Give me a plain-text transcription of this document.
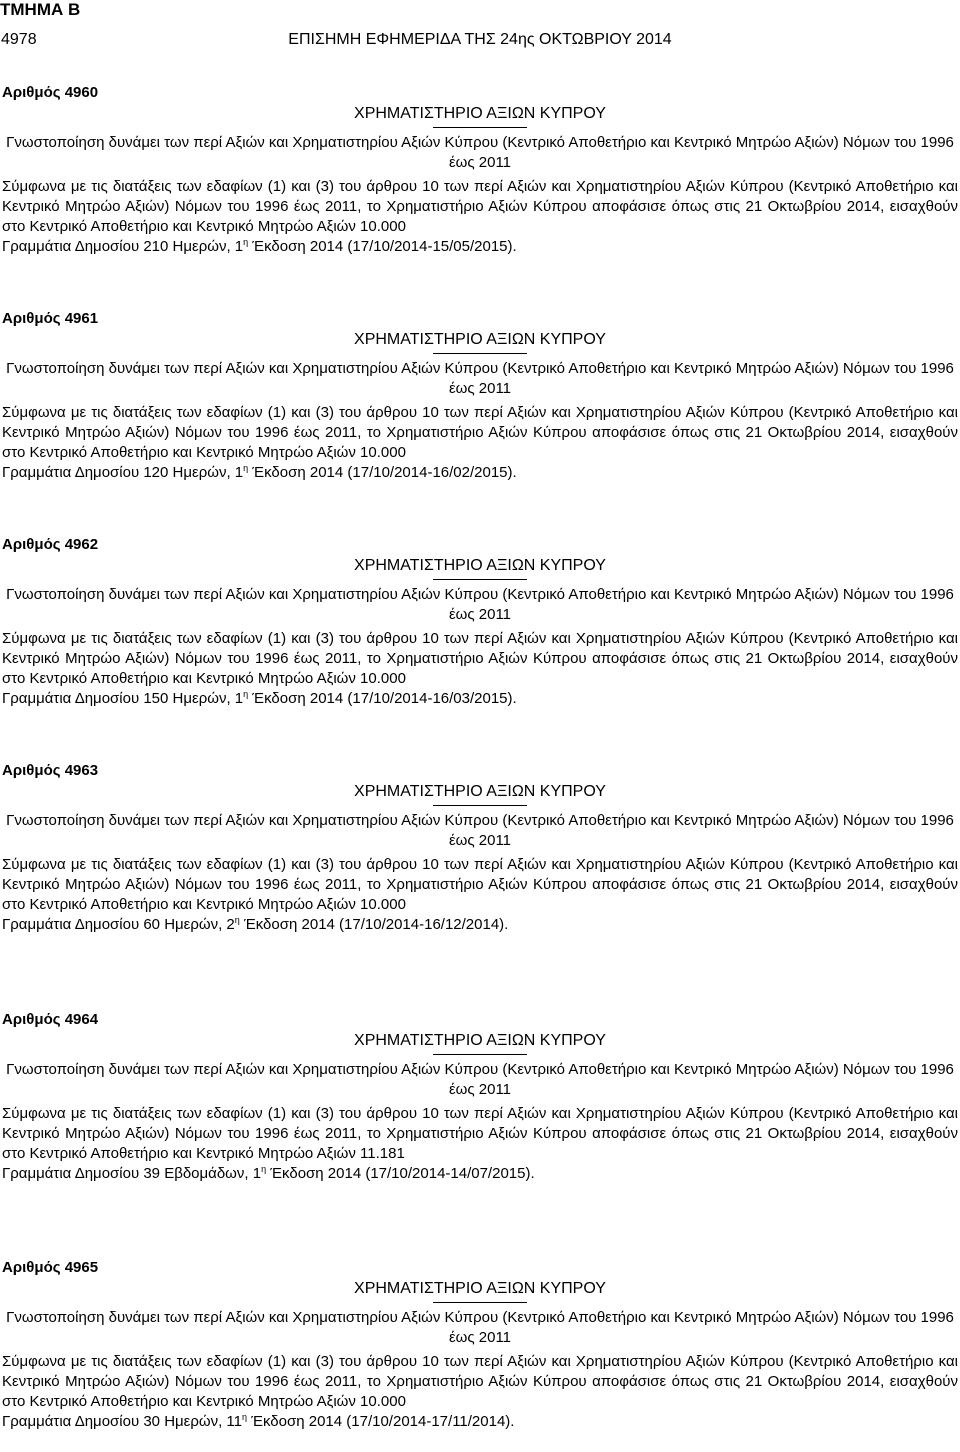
ΤΜΗΜΑ Β
4978	ΕΠΙΣΗΜΗ ΕΦΗΜΕΡΙΔΑ ΤΗΣ 24ης ΟΚΤΩΒΡΙΟΥ 2014
Αριθμός 4960
ΧΡΗΜΑΤΙΣΤΗΡΙΟ ΑΞΙΩΝ ΚΥΠΡΟΥ
Γνωστοποίηση δυνάμει των περί Αξιών και Χρηματιστηρίου Αξιών Κύπρου (Κεντρικό Αποθετήριο και Κεντρικό Μητρώο Αξιών) Νόμων του 1996 έως 2011
Σύμφωνα με τις διατάξεις των εδαφίων (1) και (3) του άρθρου 10 των περί Αξιών και Χρηματιστηρίου Αξιών Κύπρου (Κεντρικό Αποθετήριο και Κεντρικό Μητρώο Αξιών) Νόμων του 1996 έως 2011, το Χρηματιστήριο Αξιών Κύπρου αποφάσισε όπως στις 21 Οκτωβρίου 2014, εισαχθούν στο Κεντρικό Αποθετήριο και Κεντρικό Μητρώο Αξιών 10.000
Γραμμάτια Δημοσίου 210 Ημερών, $1^\eta$ Έκδοση 2014 (17/10/2014-15/05/2015).
Αριθμός 4961
ΧΡΗΜΑΤΙΣΤΗΡΙΟ ΑΞΙΩΝ ΚΥΠΡΟΥ
Γνωστοποίηση δυνάμει των περί Αξιών και Χρηματιστηρίου Αξιών Κύπρου (Κεντρικό Αποθετήριο και Κεντρικό Μητρώο Αξιών) Νόμων του 1996 έως 2011
Σύμφωνα με τις διατάξεις των εδαφίων (1) και (3) του άρθρου 10 των περί Αξιών και Χρηματιστηρίου Αξιών Κύπρου (Κεντρικό Αποθετήριο και Κεντρικό Μητρώο Αξιών) Νόμων του 1996 έως 2011, το Χρηματιστήριο Αξιών Κύπρου αποφάσισε όπως στις 21 Οκτωβρίου 2014, εισαχθούν στο Κεντρικό Αποθετήριο και Κεντρικό Μητρώο Αξιών 10.000
Γραμμάτια Δημοσίου 120 Ημερών, $1^\eta$ Έκδοση 2014 (17/10/2014-16/02/2015).
Αριθμός 4962
ΧΡΗΜΑΤΙΣΤΗΡΙΟ ΑΞΙΩΝ ΚΥΠΡΟΥ
Γνωστοποίηση δυνάμει των περί Αξιών και Χρηματιστηρίου Αξιών Κύπρου (Κεντρικό Αποθετήριο και Κεντρικό Μητρώο Αξιών) Νόμων του 1996 έως 2011
Σύμφωνα με τις διατάξεις των εδαφίων (1) και (3) του άρθρου 10 των περί Αξιών και Χρηματιστηρίου Αξιών Κύπρου (Κεντρικό Αποθετήριο και Κεντρικό Μητρώο Αξιών) Νόμων του 1996 έως 2011, το Χρηματιστήριο Αξιών Κύπρου αποφάσισε όπως στις 21 Οκτωβρίου 2014, εισαχθούν στο Κεντρικό Αποθετήριο και Κεντρικό Μητρώο Αξιών 10.000
Γραμμάτια Δημοσίου 150 Ημερών, $1^\eta$ Έκδοση 2014 (17/10/2014-16/03/2015).
Αριθμός 4963
ΧΡΗΜΑΤΙΣΤΗΡΙΟ ΑΞΙΩΝ ΚΥΠΡΟΥ
Γνωστοποίηση δυνάμει των περί Αξιών και Χρηματιστηρίου Αξιών Κύπρου (Κεντρικό Αποθετήριο και Κεντρικό Μητρώο Αξιών) Νόμων του 1996 έως 2011
Σύμφωνα με τις διατάξεις των εδαφίων (1) και (3) του άρθρου 10 των περί Αξιών και Χρηματιστηρίου Αξιών Κύπρου (Κεντρικό Αποθετήριο και Κεντρικό Μητρώο Αξιών) Νόμων του 1996 έως 2011, το Χρηματιστήριο Αξιών Κύπρου αποφάσισε όπως στις 21 Οκτωβρίου 2014, εισαχθούν στο Κεντρικό Αποθετήριο και Κεντρικό Μητρώο Αξιών 10.000
Γραμμάτια Δημοσίου 60 Ημερών, $2^\eta$ Έκδοση 2014 (17/10/2014-16/12/2014).
Αριθμός 4964
ΧΡΗΜΑΤΙΣΤΗΡΙΟ ΑΞΙΩΝ ΚΥΠΡΟΥ
Γνωστοποίηση δυνάμει των περί Αξιών και Χρηματιστηρίου Αξιών Κύπρου (Κεντρικό Αποθετήριο και Κεντρικό Μητρώο Αξιών) Νόμων του 1996 έως 2011
Σύμφωνα με τις διατάξεις των εδαφίων (1) και (3) του άρθρου 10 των περί Αξιών και Χρηματιστηρίου Αξιών Κύπρου (Κεντρικό Αποθετήριο και Κεντρικό Μητρώο Αξιών) Νόμων του 1996 έως 2011, το Χρηματιστήριο Αξιών Κύπρου αποφάσισε όπως στις 21 Οκτωβρίου 2014, εισαχθούν στο Κεντρικό Αποθετήριο και Κεντρικό Μητρώο Αξιών 11.181
Γραμμάτια Δημοσίου 39 Εβδομάδων, $1^\eta$ Έκδοση 2014 (17/10/2014-14/07/2015).
Αριθμός 4965
ΧΡΗΜΑΤΙΣΤΗΡΙΟ ΑΞΙΩΝ ΚΥΠΡΟΥ
Γνωστοποίηση δυνάμει των περί Αξιών και Χρηματιστηρίου Αξιών Κύπρου (Κεντρικό Αποθετήριο και Κεντρικό Μητρώο Αξιών) Νόμων του 1996 έως 2011
Σύμφωνα με τις διατάξεις των εδαφίων (1) και (3) του άρθρου 10 των περί Αξιών και Χρηματιστηρίου Αξιών Κύπρου (Κεντρικό Αποθετήριο και Κεντρικό Μητρώο Αξιών) Νόμων του 1996 έως 2011, το Χρηματιστήριο Αξιών Κύπρου αποφάσισε όπως στις 21 Οκτωβρίου 2014, εισαχθούν στο Κεντρικό Αποθετήριο και Κεντρικό Μητρώο Αξιών 10.000
Γραμμάτια Δημοσίου 30 Ημερών, $11^\eta$ Έκδοση 2014 (17/10/2014-17/11/2014).
